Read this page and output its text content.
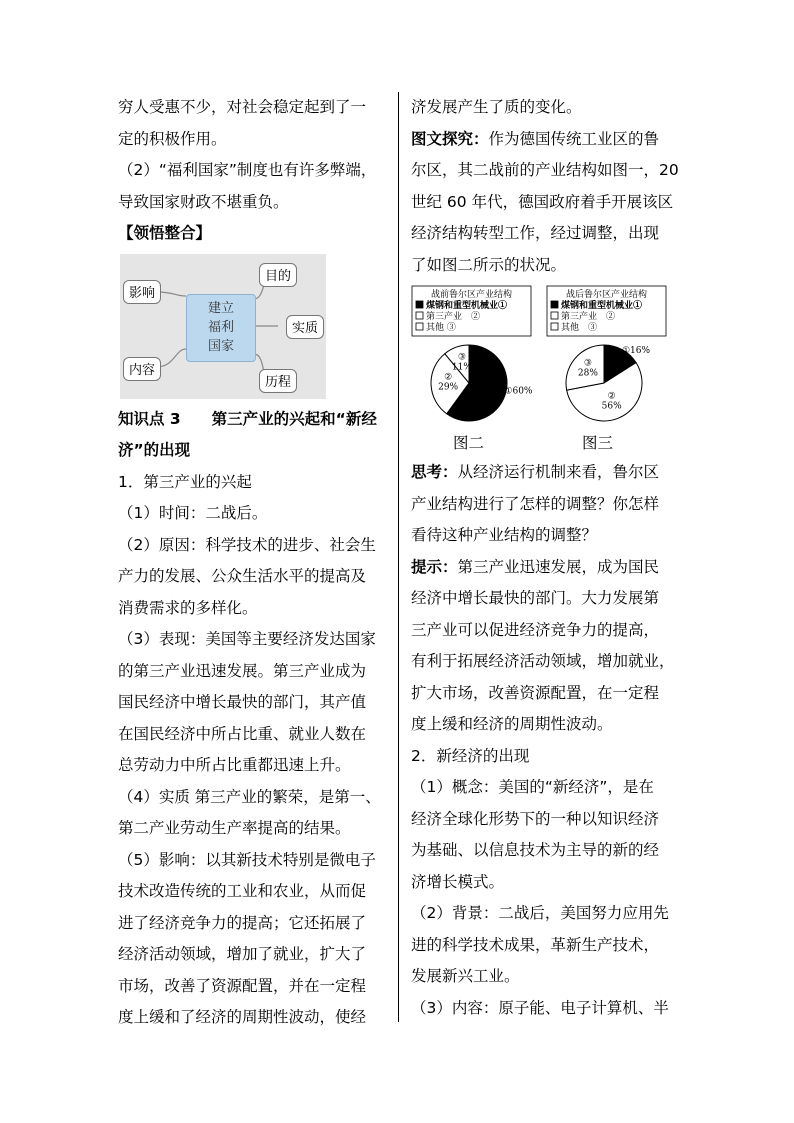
穷人受惠不少，对社会稳定起到了一
定的积极作用。
（2）“福利国家”制度也有许多弊端，
导致国家财政不堪重负。
【领悟整合】
影响
内容
建立
福利
国家
目的
实质
历程
知识点 3　　第三产业的兴起和“新经
济”的出现
1．第三产业的兴起
（1）时间：二战后。
（2）原因：科学技术的进步、社会生
产力的发展、公众生活水平的提高及
消费需求的多样化。
（3）表现：美国等主要经济发达国家
的第三产业迅速发展。第三产业成为
国民经济中增长最快的部门，其产值
在国民经济中所占比重、就业人数在
总劳动力中所占比重都迅速上升。
（4）实质 第三产业的繁荣，是第一、
第二产业劳动生产率提高的结果。
（5）影响：以其新技术特别是微电子
技术改造传统的工业和农业，从而促
进了经济竞争力的提高；它还拓展了
经济活动领域，增加了就业，扩大了
市场，改善了资源配置，并在一定程
度上缓和了经济的周期性波动，使经
济发展产生了质的变化。
图文探究：作为德国传统工业区的鲁
尔区，其二战前的产业结构如图一，20
世纪 60 年代，德国政府着手开展该区
经济结构转型工作，经过调整，出现
了如图二所示的状况。
战前鲁尔区产业结构
煤钢和重型机械业①
第三产业　②
其他 ③
①60%
② 29%
③ 11%
战后鲁尔区产业结构
煤钢和重型机械业①
第三产业　②
其他　③
①16%
② 56%
③ 28%
图二	图三
思考：从经济运行机制来看，鲁尔区
产业结构进行了怎样的调整？你怎样
看待这种产业结构的调整？
提示：第三产业迅速发展，成为国民
经济中增长最快的部门。大力发展第
三产业可以促进经济竞争力的提高，
有利于拓展经济活动领域，增加就业，
扩大市场，改善资源配置，在一定程
度上缓和经济的周期性波动。
2．新经济的出现
（1）概念：美国的“新经济”，是在
经济全球化形势下的一种以知识经济
为基础、以信息技术为主导的新的经
济增长模式。
（2）背景：二战后，美国努力应用先
进的科学技术成果，革新生产技术，
发展新兴工业。
（3）内容：原子能、电子计算机、半
